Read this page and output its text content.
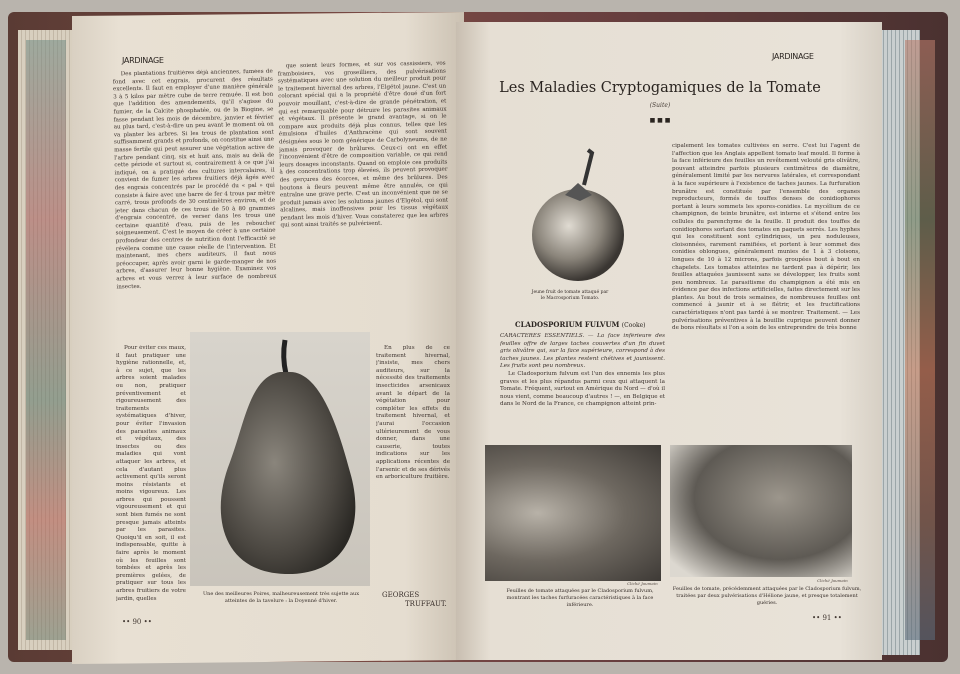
JARDINAGE

Des plantations fruitières déjà anciennes, fumées de fond avec cet engrais, procurent des résultats excellents. Il faut en employer d'une manière générale 3 à 5 kilos par mètre cube de terre remuée. Il est bon que l'addition des amendements, qu'il s'agisse du fumier, de la Calcite phosphatée, ou de la Biogine, se fasse pendant les mois de décembre, janvier et février au plus tard, c'est-à-dire un peu avant le moment où on va planter les arbres. Si les trous de plantation sont suffisamment grands et profonds, on constitue ainsi une masse fertile qui peut assurer une végétation active de l'arbre pendant cinq, six et huit ans, mais au delà de cette période et surtout si, contrairement à ce que j'ai indiqué, on a pratiqué des cultures intercalaires, il convient de fumer les arbres fruitiers déjà âgés avec des engrais concentrés par le procédé du « pal » qui consiste à faire avec une barre de fer 4 trous par mètre carré, trous profonds de 30 centimètres environ, et de jeter dans chacun de ces trous de 50 à 80 grammes d'engrais concentré, de verser dans les trous une certaine quantité d'eau, puis de les reboucher soigneusement. C'est le moyen de créer à une certaine profondeur des centres de nutrition dont l'efficacité se révélera comme une cause réelle de l'intervention. Et maintenant, mes chers auditeurs, il faut nous préoccuper, après avoir garni le garde-manger de nos arbres, d'assurer leur bonne hygiène. Examinez vos arbres et vous verrez à leur surface de nombreux insectes.

que soient leurs formes, et sur vos cassissiers, vos framboisiers, vos groseilliers, des pulvérisations systématiques avec une solution du meilleur produit pour le traitement hivernal des arbres, l'Elgétol jaune. C'est un colorant spécial qui a la propriété d'être doué d'un fort pouvoir mouillant, c'est-à-dire de grande pénétration, et qui est remarquable pour détruire les parasites animaux et végétaux. Il présente le grand avantage, si on le compare aux produits déjà plus connus, telles que les émulsions d'huiles d'Anthracène qui sont souvent désignées sous le nom générique de Carbolyneums, de ne jamais provoquer de brûlures. Ceux-ci ont en effet l'inconvénient d'être de composition variable, ce qui rend leurs dosages inconstants. Quand on emploie ces produits à des concentrations trop élevées, ils peuvent provoquer des gerçures des écorces, et même des brûlures. Des boutons à fleurs peuvent même être annulés, ce qui entraîne une grave perte. C'est un inconvénient que ne se produit jamais avec les solutions jaunes d'Elgétol, qui sont alcalines, mais inoffensives pour les tissus végétaux pendant les mois d'hiver. Vous constaterez que les arbres qui sont ainsi traités se pulvérisent.

Pour éviter ces maux, il faut pratiquer une hygiène rationnelle, et, à ce sujet, que les arbres soient malades ou non, pratiquer préventivement et rigoureusement des traitements systématiques d'hiver, pour éviter l'invasion des parasites animaux et végétaux, des insectes ou des maladies qui vont attaquer les arbres, et cela d'autant plus activement qu'ils seront moins résistants et moins vigoureux. Les arbres qui poussent vigoureusement et qui sont bien fumés ne sont presque jamais atteints par les parasites. Quoiqu'il en soit, il est indispensable, quitte à faire après le moment où les feuilles sont tombées et après les premières gelées, de pratiquer sur tous les arbres fruitiers de votre jardin, quelles

En plus de ce traitement hivernal, j'insiste, mes chers auditeurs, sur la nécessité des traitements insecticides arsenicaux avant le départ de la végétation pour compléter les effets du traitement hivernal, et j'aurai l'occasion ultérieurement de vous donner, dans une causerie, toutes indications sur les applications récentes de l'arsenic et de ses dérivés en arboriculture fruitière.

GEORGES
TRUFFAUT.
Une des meilleures Poires, malheureusement très sujette aux atteintes de la tavelure : la Doyenné d'hiver.
•• 90 ••
JARDINAGE
Les Maladies Cryptogamiques de la Tomate
(Suite)
■ ■ ■
Jeune fruit de tomate attaqué par le Macrosporium Tomato.
CLADOSPORIUM FULVUM (Cooke)

CARACTÈRES ESSENTIELS. — La face inférieure des feuilles offre de larges taches couvertes d'un fin duvet gris olivâtre qui, sur la face supérieure, correspond à des taches jaunes. Les plantes restent chétives et jaunissent. Les fruits sont peu nombreux.

Le Cladosporium fulvum est l'un des ennemis les plus graves et les plus répandus parmi ceux qui attaquent la Tomate. Fréquent, surtout en Amérique du Nord — d'où il nous vient, comme beaucoup d'autres ! —, en Belgique et dans le Nord de la France, ce champignon atteint prin-

cipalement les tomates cultivées en serre. C'est lui l'agent de l'affection que les Anglais appellent tomato leaf mould. Il forme à la face inférieure des feuilles un revêtement velouté gris olivâtre, pouvant atteindre parfois plusieurs centimètres de diamètre, généralement limité par les nervures latérales, et correspondant à la face supérieure à l'existence de taches jaunes. La furfuration brunâtre est constituée par l'ensemble des organes reproducteurs, formés de touffes denses de conidiophores portant à leurs sommets les spores-conidies. Le mycélium de ce champignon, de teinte brunâtre, est interne et s'étend entre les cellules du parenchyme de la feuille. Il produit des touffes de conidiophores sortant des tomates en paquets serrés. Les hyphes qui les constituent sont cylindriques, un peu noduleuses, cloisonnées, rarement ramifiées, et portent à leur sommet des conidies oblongues, généralement munies de 1 à 3 cloisons, longues de 10 à 12 microns, parfois groupées bout à bout en chapelets. Les tomates atteintes ne tardent pas à dépérir, les feuilles attaquées jaunissent sans se développer, les fruits sont peu nombreux. Le parasitisme du champignon a été mis en évidence par des infections artificielles, faites directement sur les plantes. Au bout de trois semaines, de nombreuses feuilles ont commencé à jaunir et à se flétrir, et les fructifications caractéristiques n'ont pas tardé à se montrer. Traitement. — Les pulvérisations préventives à la bouillie cuprique peuvent donner de bons résultats si l'on a soin de les entreprendre de très bonne

Cliché Jaumain
Cliché Jaumain
Feuilles de tomate attaquées par le Cladosporium fulvum, montrant les taches furfuracées caractéristiques à la face inférieure.
Feuilles de tomate, précédemment attaquées par le Cladosporium fulvum, traitées par deux pulvérisations d'Hélione jaune, et presque totalement guéries.
•• 91 ••
